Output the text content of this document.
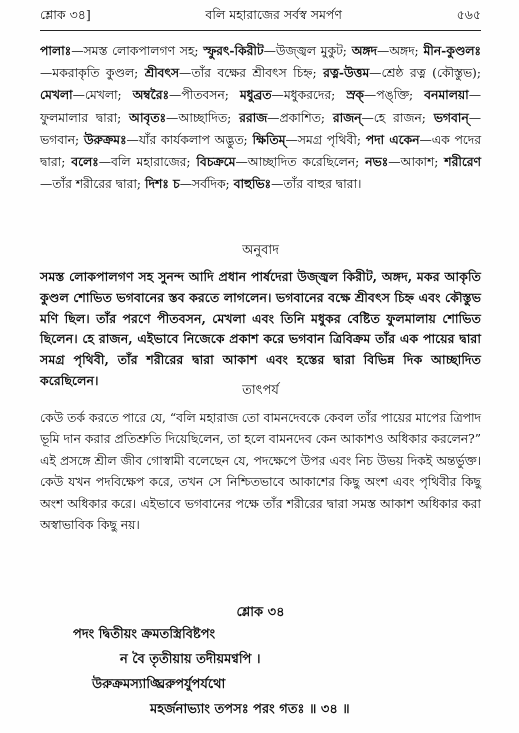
শ্লোক ৩৪]	বলি মহারাজের সর্বস্ব সমর্পণ	৫৬৫
পালাঃ—সমস্ত লোকপালগণ সহ; স্ফুরৎ-কিরীট—উজ্জ্বল মুকুট; অঙ্গদ—অঙ্গদ; মীন-কুণ্ডলঃ—মকরাকৃতি কুণ্ডল; শ্রীবৎস—তাঁর বক্ষের শ্রীবৎস চিহ্ন; রত্ন-উত্তম—শ্রেষ্ঠ রত্ন (কৌস্তুভ); মেখলা—মেখলা; অম্বরৈঃ—পীতবসন; মধুব্রত—মধুকরদের; স্রক্—পঙ্‌ক্তি; বনমালয়া—ফুলমালার দ্বারা; আবৃতঃ—আচ্ছাদিত; ররাজ—প্রকাশিত; রাজন্—হে রাজন; ভগবান্—ভগবান; উরুক্রমঃ—যাঁর কার্যকলাপ অদ্ভুত; ক্ষিতিম্—সমগ্র পৃথিবী; পদা একেন—এক পদের দ্বারা; বলেঃ—বলি মহারাজের; বিচক্রমে—আচ্ছাদিত করেছিলেন; নভঃ—আকাশ; শরীরেণ—তাঁর শরীরের দ্বারা; দিশঃ চ—সর্বদিক; বাহুভিঃ—তাঁর বাহুর দ্বারা।
অনুবাদ
সমস্ত লোকপালগণ সহ সুনন্দ আদি প্রধান পার্ষদেরা উজ্জ্বল কিরীট, অঙ্গদ, মকর আকৃতি কুণ্ডল শোভিত ভগবানের স্তব করতে লাগলেন। ভগবানের বক্ষে শ্রীবৎস চিহ্ন এবং কৌস্তুভ মণি ছিল। তাঁর পরণে পীতবসন, মেখলা এবং তিনি মধুকর বেষ্টিত ফুলমালায় শোভিত ছিলেন। হে রাজন, এইভাবে নিজেকে প্রকাশ করে ভগবান ত্রিবিক্রম তাঁর এক পায়ের দ্বারা সমগ্র পৃথিবী, তাঁর শরীরের দ্বারা আকাশ এবং হস্তের দ্বারা বিভিন্ন দিক আচ্ছাদিত করেছিলেন।
তাৎপর্য
কেউ তর্ক করতে পারে যে, “বলি মহারাজ তো বামনদেবকে কেবল তাঁর পায়ের মাপের ত্রিপাদ ভূমি দান করার প্রতিশ্রুতি দিয়েছিলেন, তা হলে বামনদেব কেন আকাশও অধিকার করলেন?” এই প্রসঙ্গে শ্রীল জীব গোস্বামী বলেছেন যে, পদক্ষেপে উপর এবং নিচ উভয় দিকই অন্তর্ভুক্ত। কেউ যখন পদবিক্ষেপ করে, তখন সে নিশ্চিতভাবে আকাশের কিছু অংশ এবং পৃথিবীর কিছু অংশ অধিকার করে। এইভাবে ভগবানের পক্ষে তাঁর শরীরের দ্বারা সমস্ত আকাশ অধিকার করা অস্বাভাবিক কিছু নয়।
শ্লোক ৩৪
পদং দ্বিতীয়ং ক্রমতস্ত্রিবিষ্টপং
ন বৈ তৃতীয়ায় তদীয়মণ্বপি ।
উরুক্রমস্যাঙ্ঘ্রিরুপর্যুপর্যথো
মহর্জনাভ্যাং তপসঃ পরং গতঃ ॥ ৩৪ ॥
